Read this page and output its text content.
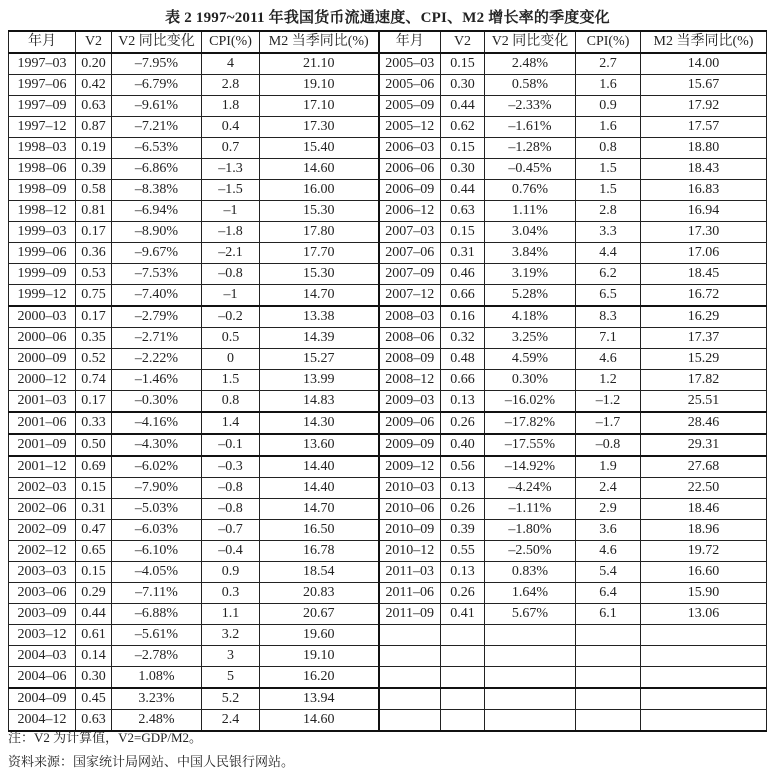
表 2 1997~2011 年我国货币流通速度、CPI、M2 增长率的季度变化
年月	V2	V2 同比变化	CPI(%)	M2 当季同比(%)	年月	V2	V2 同比变化	CPI(%)	M2 当季同比(%)
1997–03	0.20	–7.95%	4	21.10	2005–03	0.15	2.48%	2.7	14.00
1997–06	0.42	–6.79%	2.8	19.10	2005–06	0.30	0.58%	1.6	15.67
1997–09	0.63	–9.61%	1.8	17.10	2005–09	0.44	–2.33%	0.9	17.92
1997–12	0.87	–7.21%	0.4	17.30	2005–12	0.62	–1.61%	1.6	17.57
1998–03	0.19	–6.53%	0.7	15.40	2006–03	0.15	–1.28%	0.8	18.80
1998–06	0.39	–6.86%	–1.3	14.60	2006–06	0.30	–0.45%	1.5	18.43
1998–09	0.58	–8.38%	–1.5	16.00	2006–09	0.44	0.76%	1.5	16.83
1998–12	0.81	–6.94%	–1	15.30	2006–12	0.63	1.11%	2.8	16.94
1999–03	0.17	–8.90%	–1.8	17.80	2007–03	0.15	3.04%	3.3	17.30
1999–06	0.36	–9.67%	–2.1	17.70	2007–06	0.31	3.84%	4.4	17.06
1999–09	0.53	–7.53%	–0.8	15.30	2007–09	0.46	3.19%	6.2	18.45
1999–12	0.75	–7.40%	–1	14.70	2007–12	0.66	5.28%	6.5	16.72
2000–03	0.17	–2.79%	–0.2	13.38	2008–03	0.16	4.18%	8.3	16.29
2000–06	0.35	–2.71%	0.5	14.39	2008–06	0.32	3.25%	7.1	17.37
2000–09	0.52	–2.22%	0	15.27	2008–09	0.48	4.59%	4.6	15.29
2000–12	0.74	–1.46%	1.5	13.99	2008–12	0.66	0.30%	1.2	17.82
2001–03	0.17	–0.30%	0.8	14.83	2009–03	0.13	–16.02%	–1.2	25.51
2001–06	0.33	–4.16%	1.4	14.30	2009–06	0.26	–17.82%	–1.7	28.46
2001–09	0.50	–4.30%	–0.1	13.60	2009–09	0.40	–17.55%	–0.8	29.31
2001–12	0.69	–6.02%	–0.3	14.40	2009–12	0.56	–14.92%	1.9	27.68
2002–03	0.15	–7.90%	–0.8	14.40	2010–03	0.13	–4.24%	2.4	22.50
2002–06	0.31	–5.03%	–0.8	14.70	2010–06	0.26	–1.11%	2.9	18.46
2002–09	0.47	–6.03%	–0.7	16.50	2010–09	0.39	–1.80%	3.6	18.96
2002–12	0.65	–6.10%	–0.4	16.78	2010–12	0.55	–2.50%	4.6	19.72
2003–03	0.15	–4.05%	0.9	18.54	2011–03	0.13	0.83%	5.4	16.60
2003–06	0.29	–7.11%	0.3	20.83	2011–06	0.26	1.64%	6.4	15.90
2003–09	0.44	–6.88%	1.1	20.67	2011–09	0.41	5.67%	6.1	13.06
2003–12	0.61	–5.61%	3.2	19.60					
2004–03	0.14	–2.78%	3	19.10					
2004–06	0.30	1.08%	5	16.20					
2004–09	0.45	3.23%	5.2	13.94					
2004–12	0.63	2.48%	2.4	14.60					
注：V2 为计算值，V2=GDP/M2。
资料来源：国家统计局网站、中国人民银行网站。
